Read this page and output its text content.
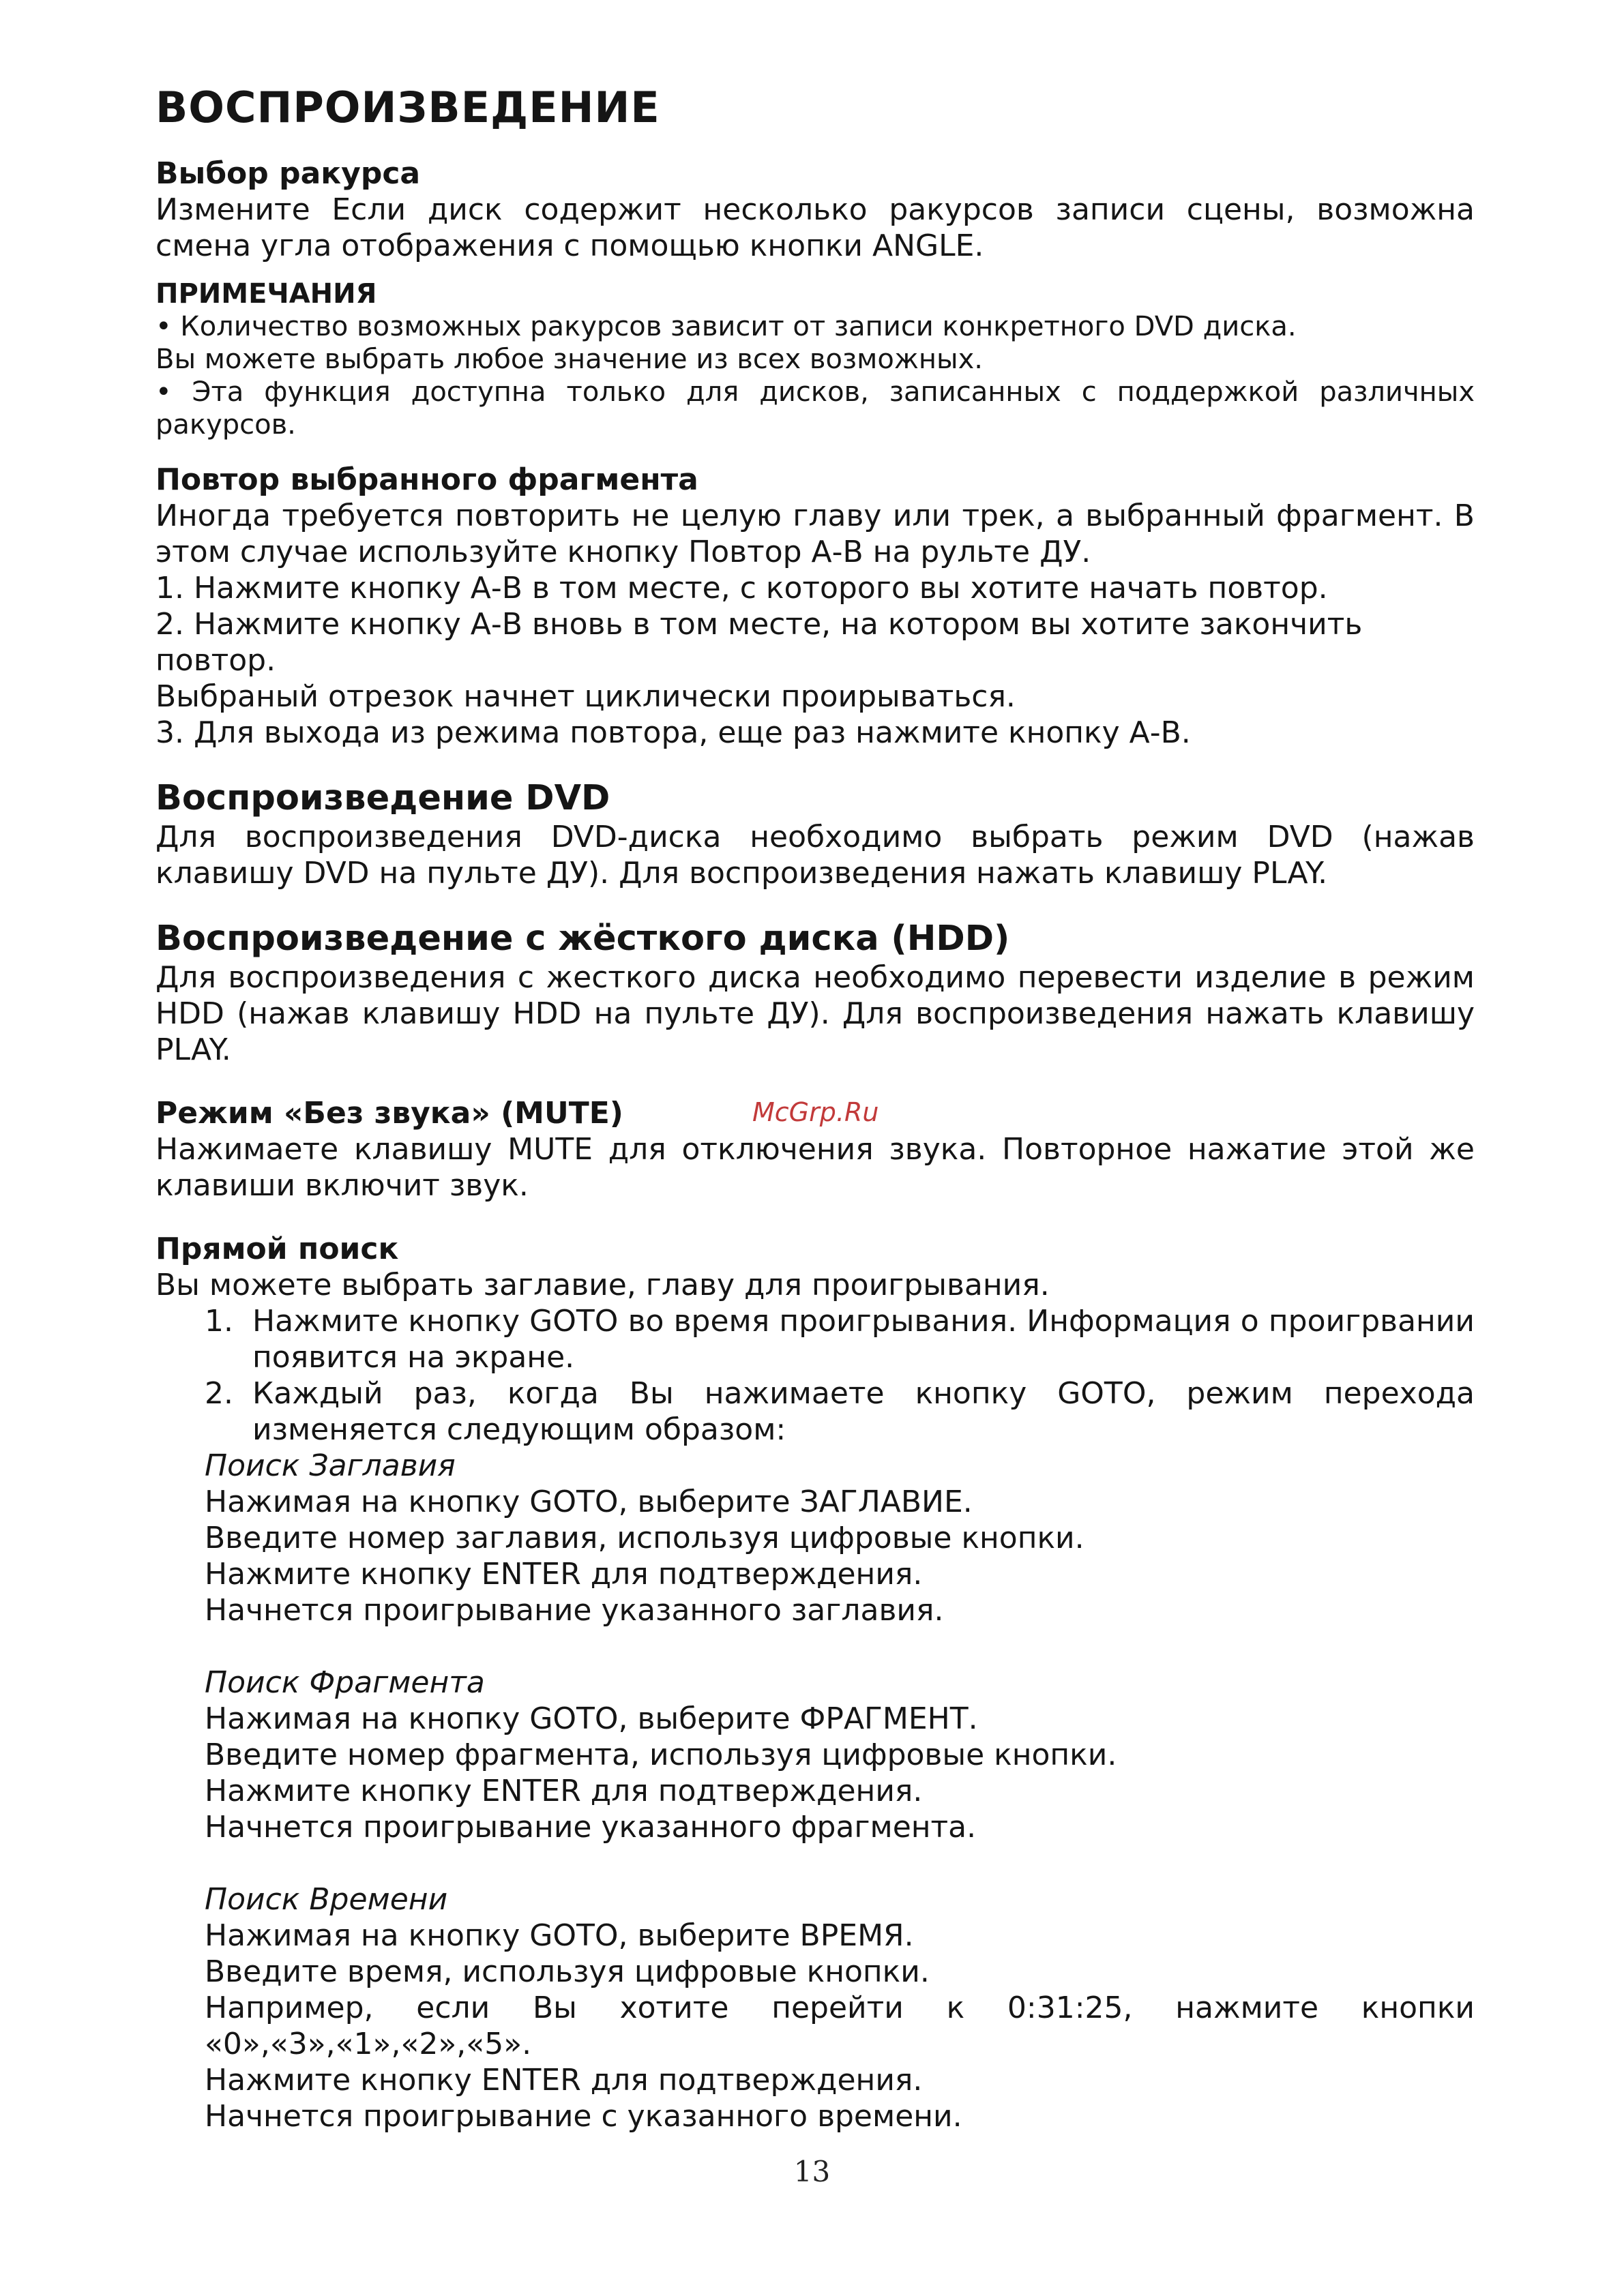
ВОСПРОИЗВЕДЕНИЕ
Выбор ракурса

Измените Если диск содержит несколько ракурсов записи сцены, возможна смена угла отображения с помощью кнопки ANGLE.

ПРИМЕЧАНИЯ

• Количество возможных ракурсов зависит от записи конкретного DVD диска.

Вы можете выбрать любое значение из всех возможных.

• Эта функция доступна только для дисков, записанных с поддержкой различных ракурсов.

Повтор выбранного фрагмента

Иногда требуется повторить не целую главу или трек, а выбранный фрагмент. В этом случае используйте кнопку Повтор А-В на рульте ДУ.

1. Нажмите кнопку А-В в том месте, с которого вы хотите начать повтор.

2. Нажмите кнопку А-В вновь в том месте, на котором вы хотите закончить повтор.

Выбраный отрезок начнет циклически проирываться.

3. Для выхода из режима повтора, еще раз нажмите кнопку А-В.

Воспроизведение DVD

Для воспроизведения DVD-диска необходимо выбрать режим DVD (нажав клавишу DVD на пульте ДУ). Для воспроизведения нажать клавишу PLAY.

Воспроизведение с жёсткого диска (HDD)

Для воспроизведения с жесткого диска необходимо перевести изделие в режим HDD (нажав клавишу HDD на пульте ДУ). Для воспроизведения нажать клавишу PLAY.

Режим «Без звука» (MUTE)

Нажимаете клавишу MUTE для отключения звука. Повторное нажатие этой же клавиши включит звук.

Прямой поиск

Вы можете выбрать заглавие, главу для проигрывания.

1. Нажмите кнопку GOTO во время проигрывания. Информация о проигрвании появится на экране.
2. Каждый раз, когда Вы нажимаете кнопку GOTO, режим перехода изменяется следующим образом:

Поиск Заглавия

Нажимая на кнопку GOTO, выберите ЗАГЛАВИЕ.

Введите номер заглавия, используя цифровые кнопки.

Нажмите кнопку ENTER для подтверждения.

Начнется проигрывание указанного заглавия.

Поиск Фрагмента

Нажимая на кнопку GOTO, выберите ФРАГМЕНТ.

Введите номер фрагмента, используя цифровые кнопки.

Нажмите кнопку ENTER для подтверждения.

Начнется проигрывание указанного фрагмента.

Поиск Времени

Нажимая на кнопку GOTO, выберите ВРЕМЯ.

Введите время, используя цифровые кнопки.

Например, если Вы хотите перейти к 0:31:25, нажмите кнопки «0»,«3»,«1»,«2»,«5».

Нажмите кнопку ENTER для подтверждения.

Начнется проигрывание с указанного времени.

McGrp.Ru
13
